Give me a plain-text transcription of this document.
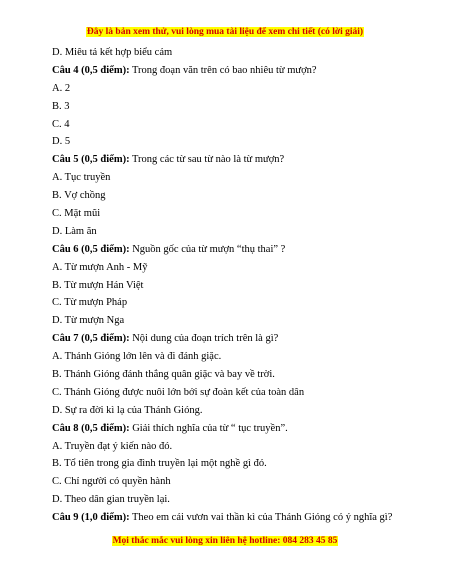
Đây là bản xem thử, vui lòng mua tài liệu để xem chi tiết (có lời giải)
D. Miêu tả kết hợp biểu cảm
Câu 4 (0,5 điểm): Trong đoạn văn trên có bao nhiêu từ mượn?
A. 2
B. 3
C. 4
D. 5
Câu 5 (0,5 điểm): Trong các từ sau từ nào là từ mượn?
A. Tục truyền
B. Vợ chồng
C. Mặt mũi
D. Làm ăn
Câu 6 (0,5 điểm): Nguồn gốc của từ mượn “thụ thai” ?
A. Từ mượn Anh - Mỹ
B. Từ mượn Hán Việt
C. Từ mượn Pháp
D. Từ mượn Nga
Câu 7 (0,5 điểm): Nội dung của đoạn trích trên là gì?
A. Thánh Gióng lớn lên và đi đánh giặc.
B. Thánh Gióng đánh thắng quân giặc và bay về trời.
C. Thánh Gióng được nuôi lớn bởi sự đoàn kết của toàn dân
D. Sự ra đời kì lạ của Thánh Gióng.
Câu 8 (0,5 điểm): Giải thích nghĩa của từ “ tục truyền”.
A. Truyền đạt ý kiến nào đó.
B. Tổ tiên trong gia đình truyền lại một nghề gì đó.
C. Chỉ người có quyền hành
D. Theo dân gian truyền lại.
Câu 9 (1,0 điểm): Theo em cái vươn vai thần kì của Thánh Gióng có ý nghĩa gì?
Mọi thắc mắc vui lòng xin liên hệ hotline: 084 283 45 85
